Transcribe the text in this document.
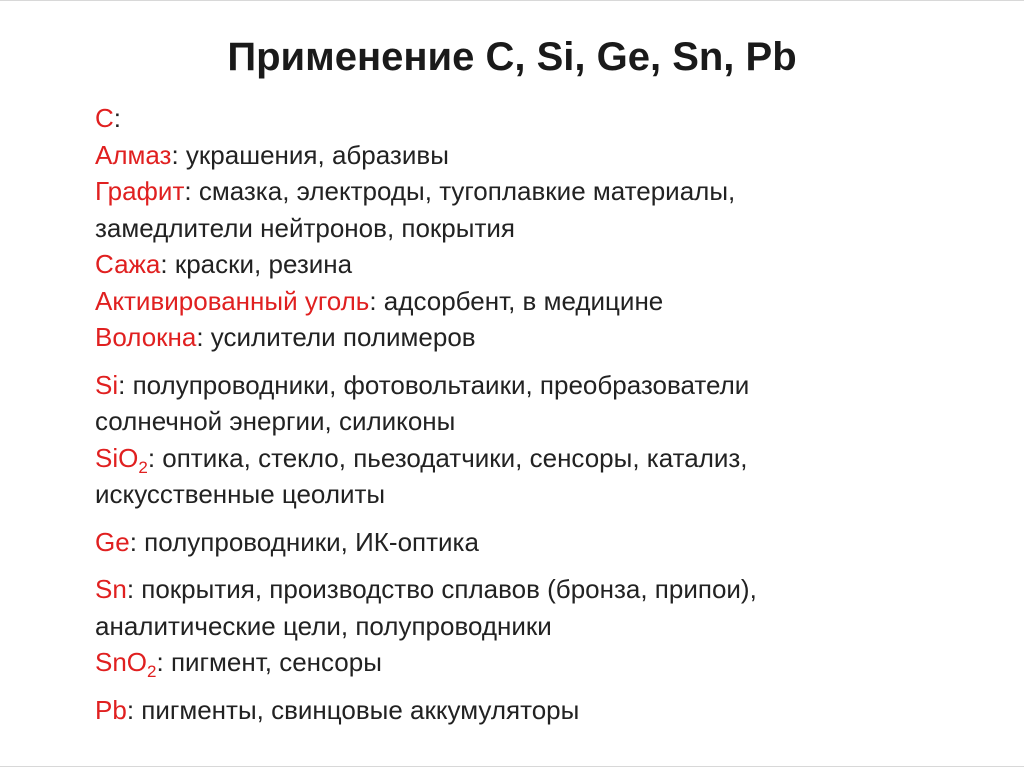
Применение C, Si, Ge, Sn, Pb
C:
Алмаз: украшения, абразивы
Графит: смазка, электроды, тугоплавкие материалы,
замедлители нейтронов, покрытия
Сажа: краски, резина
Активированный уголь: адсорбент, в медицине
Волокна: усилители полимеров
Si: полупроводники, фотовольтаики, преобразователи
солнечной энергии, силиконы
SiO$_2$: оптика, стекло, пьезодатчики, сенсоры, катализ,
искусственные цеолиты
Ge: полупроводники, ИК-оптика
Sn: покрытия, производство сплавов (бронза, припои),
аналитические цели, полупроводники
SnO$_2$: пигмент, сенсоры
Pb: пигменты, свинцовые аккумуляторы
